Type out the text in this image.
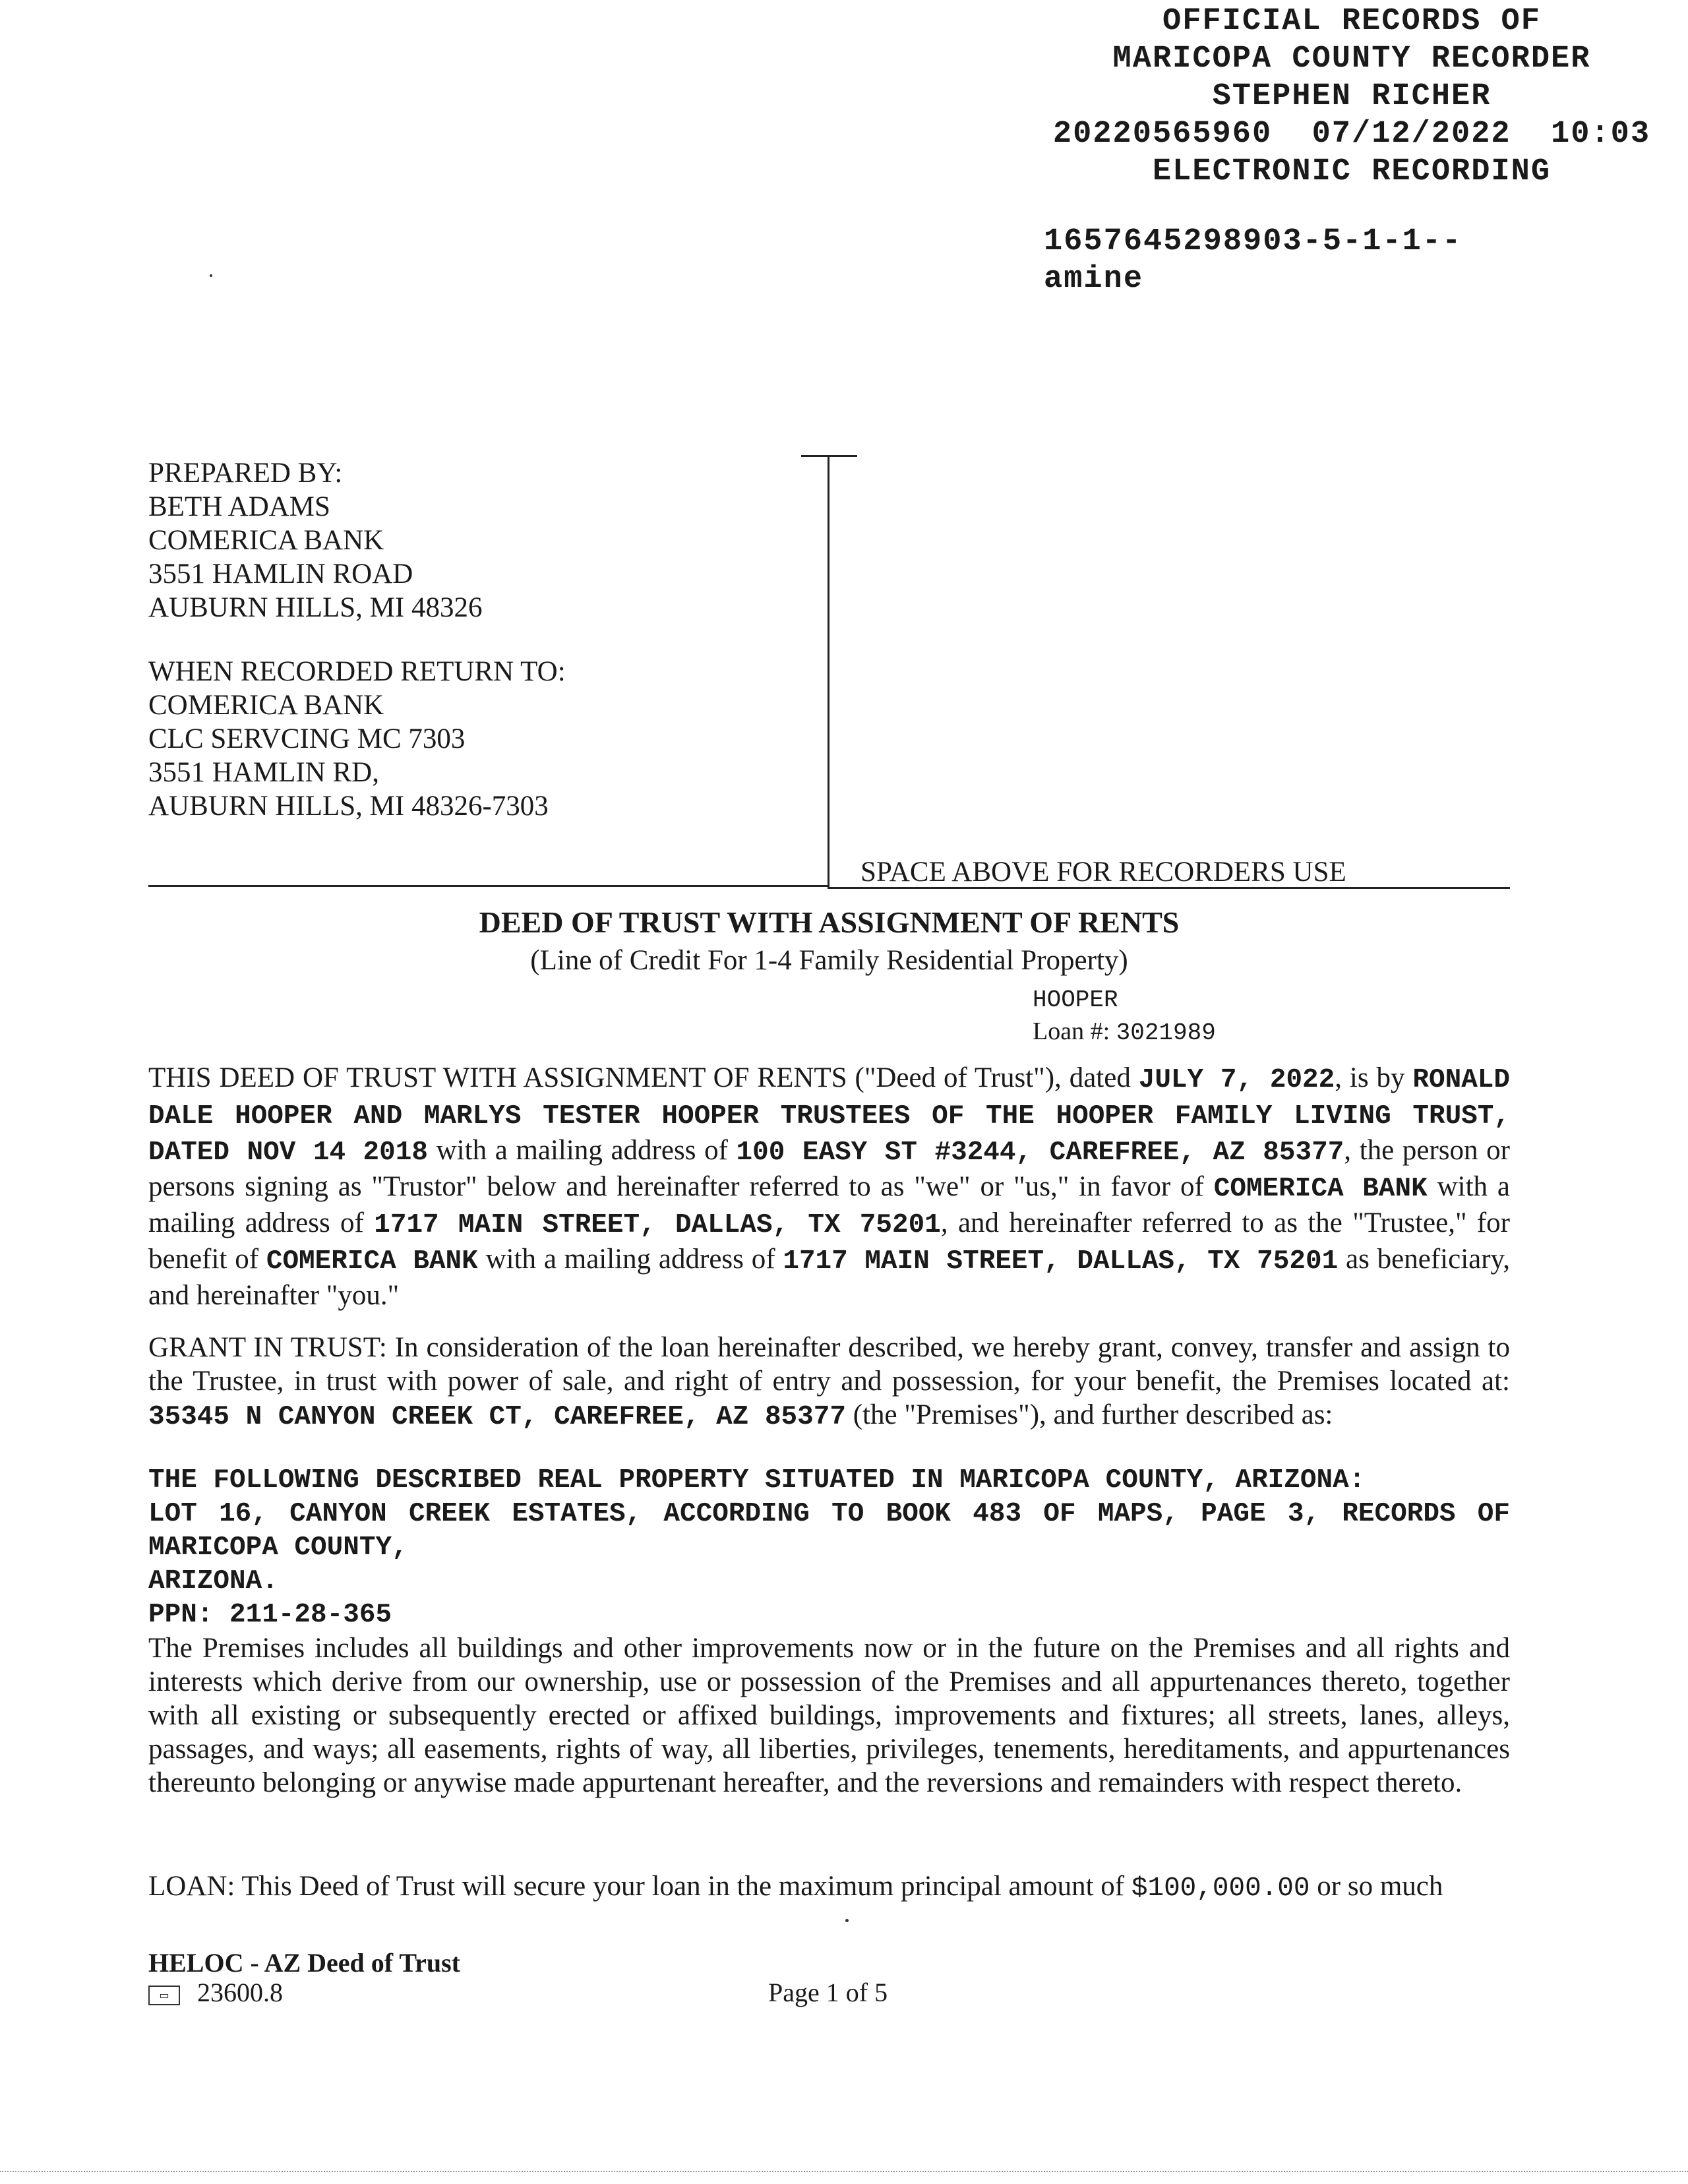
OFFICIAL RECORDS OF
MARICOPA COUNTY RECORDER
STEPHEN RICHER
20220565960  07/12/2022  10:03
ELECTRONIC RECORDING
1657645298903-5-1-1--
amine
PREPARED BY:
BETH ADAMS
COMERICA BANK
3551 HAMLIN ROAD
AUBURN HILLS, MI 48326
WHEN RECORDED RETURN TO:
COMERICA BANK
CLC SERVCING MC 7303
3551 HAMLIN RD,
AUBURN HILLS, MI 48326-7303
SPACE ABOVE FOR RECORDERS USE
DEED OF TRUST WITH ASSIGNMENT OF RENTS
(Line of Credit For 1-4 Family Residential Property)
HOOPER
Loan #: 3021989
THIS DEED OF TRUST WITH ASSIGNMENT OF RENTS ("Deed of Trust"), dated JULY 7, 2022, is by RONALD DALE HOOPER AND MARLYS TESTER HOOPER TRUSTEES OF THE HOOPER FAMILY LIVING TRUST, DATED NOV 14 2018 with a mailing address of 100 EASY ST #3244, CAREFREE, AZ 85377, the person or persons signing as "Trustor" below and hereinafter referred to as "we" or "us," in favor of COMERICA BANK with a mailing address of 1717 MAIN STREET, DALLAS, TX 75201, and hereinafter referred to as the "Trustee," for benefit of COMERICA BANK with a mailing address of 1717 MAIN STREET, DALLAS, TX 75201 as beneficiary, and hereinafter "you."
GRANT IN TRUST: In consideration of the loan hereinafter described, we hereby grant, convey, transfer and assign to the Trustee, in trust with power of sale, and right of entry and possession, for your benefit, the Premises located at: 35345 N CANYON CREEK CT, CAREFREE, AZ 85377 (the "Premises"), and further described as:
THE FOLLOWING DESCRIBED REAL PROPERTY SITUATED IN MARICOPA COUNTY, ARIZONA:
LOT 16, CANYON CREEK ESTATES, ACCORDING TO BOOK 483 OF MAPS, PAGE 3, RECORDS OF MARICOPA COUNTY,
ARIZONA.
PPN: 211-28-365
The Premises includes all buildings and other improvements now or in the future on the Premises and all rights and interests which derive from our ownership, use or possession of the Premises and all appurtenances thereto, together with all existing or subsequently erected or affixed buildings, improvements and fixtures; all streets, lanes, alleys, passages, and ways; all easements, rights of way, all liberties, privileges, tenements, hereditaments, and appurtenances thereunto belonging or anywise made appurtenant hereafter, and the reversions and remainders with respect thereto.
LOAN: This Deed of Trust will secure your loan in the maximum principal amount of $100,000.00 or so much
HELOC - AZ Deed of Trust
▭ 23600.8	Page 1 of 5
